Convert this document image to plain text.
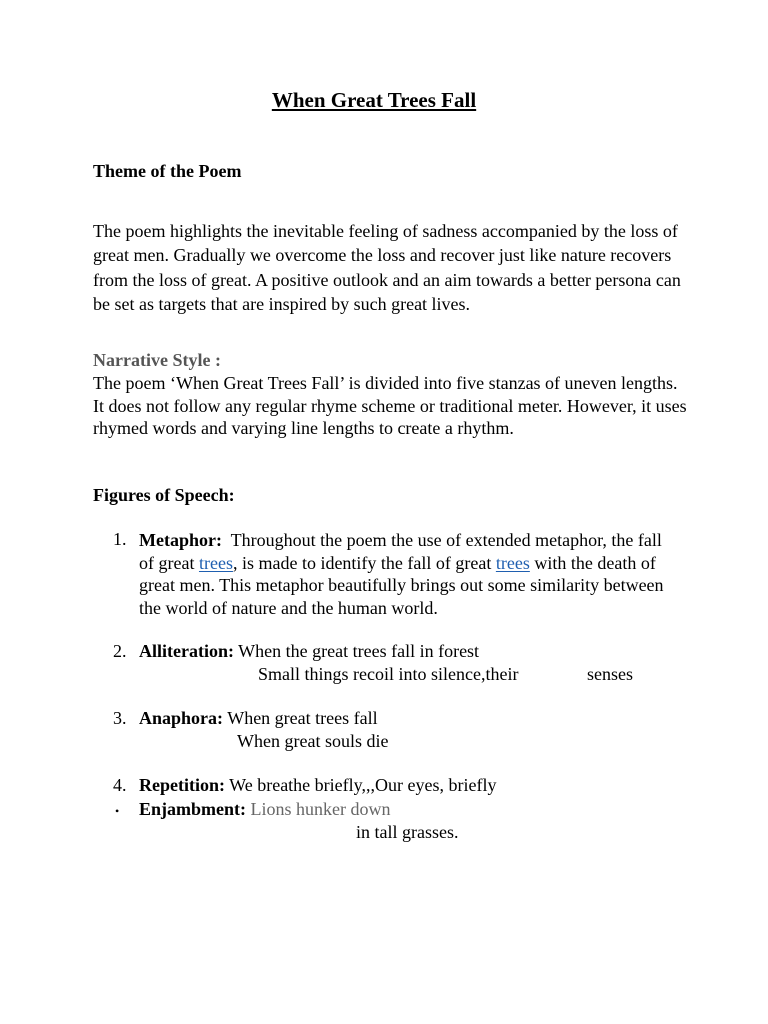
When Great Trees Fall
Theme of the Poem
The poem highlights the inevitable feeling of sadness accompanied by the loss of great men. Gradually we overcome the loss and recover just like nature recovers from the loss of great. A positive outlook and an aim towards a better persona can be set as targets that are inspired by such great lives.
Narrative Style :
The poem ‘When Great Trees Fall’ is divided into five stanzas of uneven lengths. It does not follow any regular rhyme scheme or traditional meter. However, it uses rhymed words and varying line lengths to create a rhythm.
Figures of Speech:
1. Metaphor: Throughout the poem the use of extended metaphor, the fall of great trees, is made to identify the fall of great trees with the death of great men. This metaphor beautifully brings out some similarity between the world of nature and the human world.
2. Alliteration: When the great trees fall in forest
Small things recoil into silence,their	senses
3. Anaphora: When great trees fall
When great souls die
4. Repetition: We breathe briefly,,,Our eyes, briefly
• Enjambment: Lions hunker down
in tall grasses.
